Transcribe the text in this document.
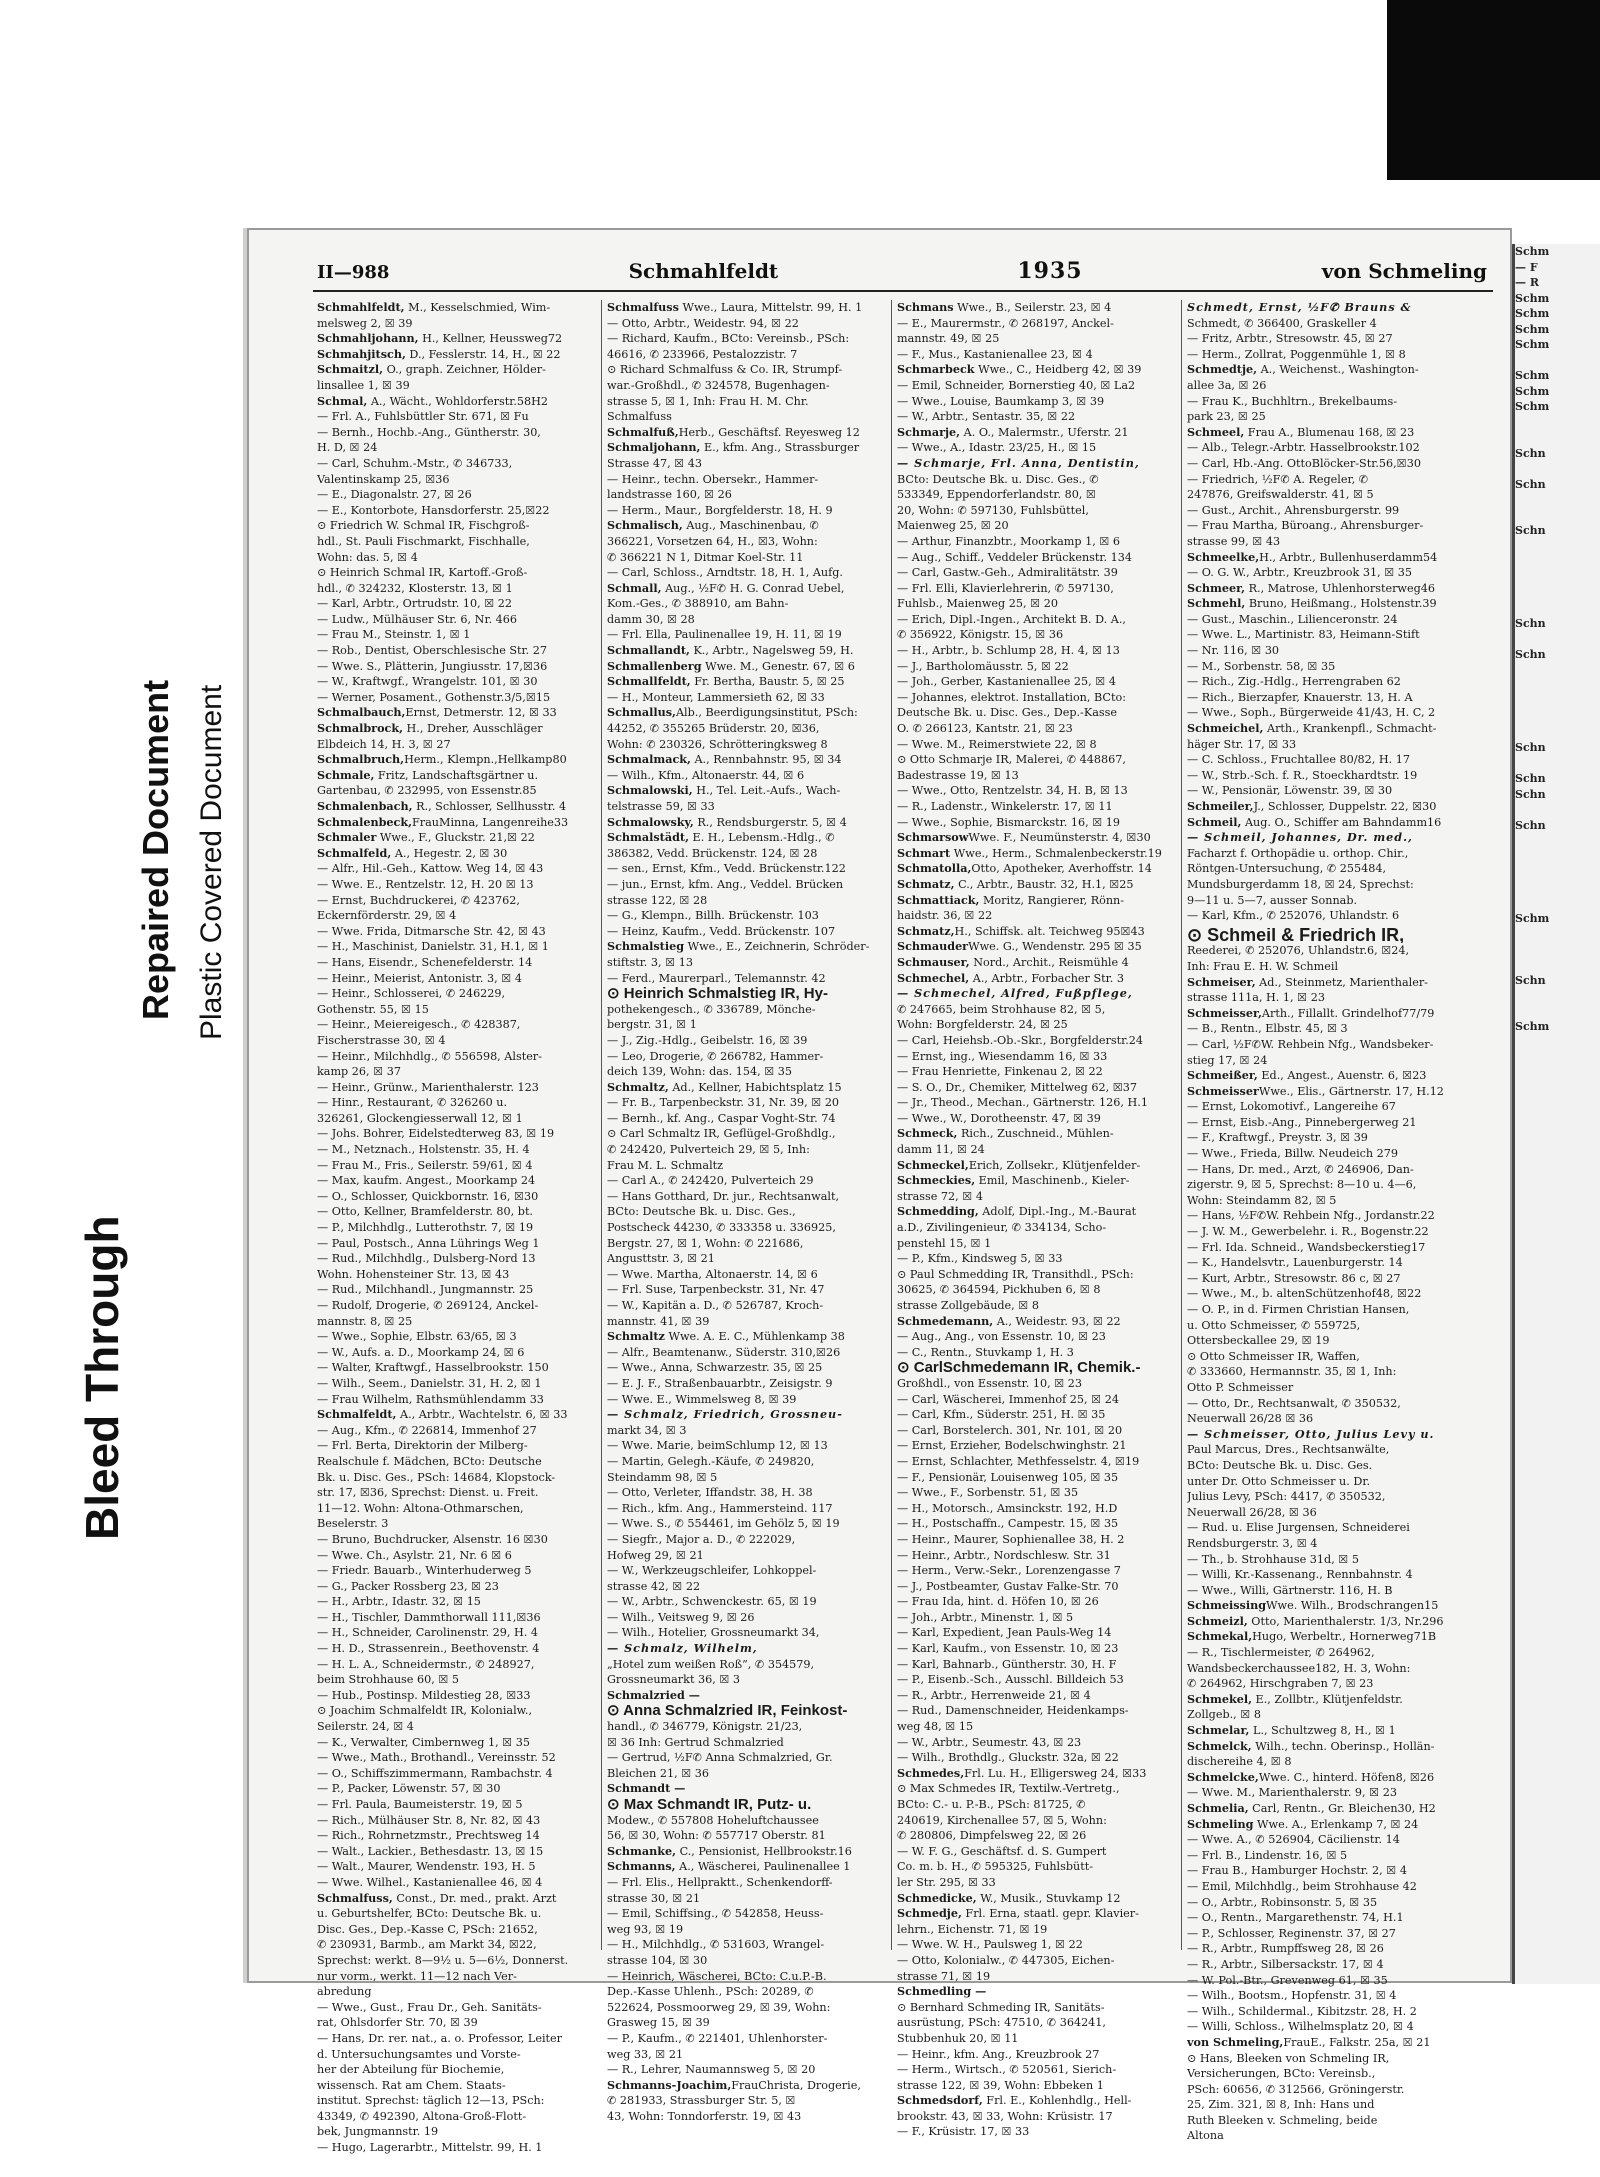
Bleed Through
Repaired Document Plastic Covered Document
II—988	Schmahlfeldt	1935	von Schmeling
Schmahlfeldt, M., Kesselschmied, Wim-
melsweg 2, ☒ 39
Schmahljohann, H., Kellner, Heussweg72
Schmahjitsch, D., Fesslerstr. 14, H., ☒ 22
Schmaitzl, O., graph. Zeichner, Hölder-
linsallee 1, ☒ 39
Schmal, A., Wächt., Wohldorferstr.58H2
— Frl. A., Fuhlsbüttler Str. 671, ☒ Fu
— Bernh., Hochb.-Ang., Güntherstr. 30,
H. D, ☒ 24
— Carl, Schuhm.-Mstr., ✆ 346733,
Valentinskamp 25, ☒36
— E., Diagonalstr. 27, ☒ 26
— E., Kontorbote, Hansdorferstr. 25,☒22
⊙ Friedrich W. Schmal IR, Fischgroß-
hdl., St. Pauli Fischmarkt, Fischhalle,
Wohn: das. 5, ☒ 4
⊙ Heinrich Schmal IR, Kartoff.-Groß-
hdl., ✆ 324232, Klosterstr. 13, ☒ 1
— Karl, Arbtr., Ortrudstr. 10, ☒ 22
— Ludw., Mülhäuser Str. 6, Nr. 466
— Frau M., Steinstr. 1, ☒ 1
— Rob., Dentist, Oberschlesische Str. 27
— Wwe. S., Plätterin, Jungiusstr. 17,☒36
— W., Kraftwgf., Wrangelstr. 101, ☒ 30
— Werner, Posament., Gothenstr.3/5,☒15
Schmalbauch,Ernst, Detmerstr. 12, ☒ 33
Schmalbrock, H., Dreher, Ausschläger
Elbdeich 14, H. 3, ☒ 27
Schmalbruch,Herm., Klempn.,Hellkamp80
Schmale, Fritz, Landschaftsgärtner u.
Gartenbau, ✆ 232995, von Essenstr.85
Schmalenbach, R., Schlosser, Sellhusstr. 4
Schmalenbeck,FrauMinna, Langenreihe33
Schmaler Wwe., F., Gluckstr. 21,☒ 22
Schmalfeld, A., Hegestr. 2, ☒ 30
— Alfr., Hil.-Geh., Kattow. Weg 14, ☒ 43
— Wwe. E., Rentzelstr. 12, H. 20 ☒ 13
— Ernst, Buchdruckerei, ✆ 423762,
Eckernförderstr. 29, ☒ 4
— Wwe. Frida, Ditmarsche Str. 42, ☒ 43
— H., Maschinist, Danielstr. 31, H.1, ☒ 1
— Hans, Eisendr., Schenefelderstr. 14
— Heinr., Meierist, Antonistr. 3, ☒ 4
— Heinr., Schlosserei, ✆ 246229,
Gothenstr. 55, ☒ 15
— Heinr., Meiereigesch., ✆ 428387,
Fischerstrasse 30, ☒ 4
— Heinr., Milchhdlg., ✆ 556598, Alster-
kamp 26, ☒ 37
— Heinr., Grünw., Marienthalerstr. 123
— Hinr., Restaurant, ✆ 326260 u.
326261, Glockengiesserwall 12, ☒ 1
— Johs. Bohrer, Eidelstedterweg 83, ☒ 19
— M., Netznach., Holstenstr. 35, H. 4
— Frau M., Fris., Seilerstr. 59/61, ☒ 4
— Max, kaufm. Angest., Moorkamp 24
— O., Schlosser, Quickbornstr. 16, ☒30
— Otto, Kellner, Bramfelderstr. 80, bt.
— P., Milchhdlg., Lutterothstr. 7, ☒ 19
— Paul, Postsch., Anna Lührings Weg 1
— Rud., Milchhdlg., Dulsberg-Nord 13
Wohn. Hohensteiner Str. 13, ☒ 43
— Rud., Milchhandl., Jungmannstr. 25
— Rudolf, Drogerie, ✆ 269124, Anckel-
mannstr. 8, ☒ 25
— Wwe., Sophie, Elbstr. 63/65, ☒ 3
— W., Aufs. a. D., Moorkamp 24, ☒ 6
— Walter, Kraftwgf., Hasselbrookstr. 150
— Wilh., Seem., Danielstr. 31, H. 2, ☒ 1
— Frau Wilhelm, Rathsmühlendamm 33
Schmalfeldt, A., Arbtr., Wachtelstr. 6, ☒ 33
— Aug., Kfm., ✆ 226814, Immenhof 27
— Frl. Berta, Direktorin der Milberg-
Realschule f. Mädchen, BCto: Deutsche
Bk. u. Disc. Ges., PSch: 14684, Klopstock-
str. 17, ☒36, Sprechst: Dienst. u. Freit.
11—12. Wohn: Altona-Othmarschen,
Beselerstr. 3
— Bruno, Buchdrucker, Alsenstr. 16 ☒30
— Wwe. Ch., Asylstr. 21, Nr. 6 ☒ 6
— Friedr. Bauarb., Winterhuderweg 5
— G., Packer Rossberg 23, ☒ 23
— H., Arbtr., Idastr. 32, ☒ 15
— H., Tischler, Dammthorwall 111,☒36
— H., Schneider, Carolinenstr. 29, H. 4
— H. D., Strassenrein., Beethovenstr. 4
— H. L. A., Schneidermstr., ✆ 248927,
beim Strohhause 60, ☒ 5
— Hub., Postinsp. Mildestieg 28, ☒33
⊙ Joachim Schmalfeldt IR, Kolonialw.,
Seilerstr. 24, ☒ 4
— K., Verwalter, Cimbernweg 1, ☒ 35
— Wwe., Math., Brothandl., Vereinsstr. 52
— O., Schiffszimmermann, Rambachstr. 4
— P., Packer, Löwenstr. 57, ☒ 30
— Frl. Paula, Baumeisterstr. 19, ☒ 5
— Rich., Mülhäuser Str. 8, Nr. 82, ☒ 43
— Rich., Rohrnetzmstr., Prechtsweg 14
— Walt., Lackier., Bethesdastr. 13, ☒ 15
— Walt., Maurer, Wendenstr. 193, H. 5
— Wwe. Wilhel., Kastanienallee 46, ☒ 4
Schmalfuss, Const., Dr. med., prakt. Arzt
u. Geburtshelfer, BCto: Deutsche Bk. u.
Disc. Ges., Dep.-Kasse C, PSch: 21652,
✆ 230931, Barmb., am Markt 34, ☒22,
Sprechst: werkt. 8—9½ u. 5—6½, Donnerst.
nur vorm., werkt. 11—12 nach Ver-
abredung
— Wwe., Gust., Frau Dr., Geh. Sanitäts-
rat, Ohlsdorfer Str. 70, ☒ 39
— Hans, Dr. rer. nat., a. o. Professor, Leiter
d. Untersuchungsamtes und Vorste-
her der Abteilung für Biochemie,
wissensch. Rat am Chem. Staats-
institut. Sprechst: täglich 12—13, PSch:
43349, ✆ 492390, Altona-Groß-Flott-
bek, Jungmannstr. 19
— Hugo, Lagerarbtr., Mittelstr. 99, H. 1
Schmalfuss Wwe., Laura, Mittelstr. 99, H. 1
— Otto, Arbtr., Weidestr. 94, ☒ 22
— Richard, Kaufm., BCto: Vereinsb., PSch:
46616, ✆ 233966, Pestalozzistr. 7
⊙ Richard Schmalfuss & Co. IR, Strumpf-
war.-Großhdl., ✆ 324578, Bugenhagen-
strasse 5, ☒ 1, Inh: Frau H. M. Chr.
Schmalfuss
Schmalfuß,Herb., Geschäftsf. Reyesweg 12
Schmaljohann, E., kfm. Ang., Strassburger
Strasse 47, ☒ 43
— Heinr., techn. Obersekr., Hammer-
landstrasse 160, ☒ 26
— Herm., Maur., Borgfelderstr. 18, H. 9
Schmalisch, Aug., Maschinenbau, ✆
366221, Vorsetzen 64, H., ☒3, Wohn:
✆ 366221 N 1, Ditmar Koel-Str. 11
— Carl, Schloss., Arndtstr. 18, H. 1, Aufg.
Schmall, Aug., ½F✆ H. G. Conrad Uebel,
Kom.-Ges., ✆ 388910, am Bahn-
damm 30, ☒ 28
— Frl. Ella, Paulinenallee 19, H. 11, ☒ 19
Schmallandt, K., Arbtr., Nagelsweg 59, H.
Schmallenberg Wwe. M., Genestr. 67, ☒ 6
Schmallfeldt, Fr. Bertha, Baustr. 5, ☒ 25
— H., Monteur, Lammersieth 62, ☒ 33
Schmallus,Alb., Beerdigungsinstitut, PSch:
44252, ✆ 355265 Brüderstr. 20, ☒36,
Wohn: ✆ 230326, Schrötteringksweg 8
Schmalmack, A., Rennbahnstr. 95, ☒ 34
— Wilh., Kfm., Altonaerstr. 44, ☒ 6
Schmalowski, H., Tel. Leit.-Aufs., Wach-
telstrasse 59, ☒ 33
Schmalowsky, R., Rendsburgerstr. 5, ☒ 4
Schmalstädt, E. H., Lebensm.-Hdlg., ✆
386382, Vedd. Brückenstr. 124, ☒ 28
— sen., Ernst, Kfm., Vedd. Brückenstr.122
— jun., Ernst, kfm. Ang., Veddel. Brücken
strasse 122, ☒ 28
— G., Klempn., Billh. Brückenstr. 103
— Heinz, Kaufm., Vedd. Brückenstr. 107
Schmalstieg Wwe., E., Zeichnerin, Schröder-
stiftstr. 3, ☒ 13
— Ferd., Maurerparl., Telemannstr. 42
⊙ Heinrich Schmalstieg IR, Hy-
pothekengesch., ✆ 336789, Mönche-
bergstr. 31, ☒ 1
— J., Zig.-Hdlg., Geibelstr. 16, ☒ 39
— Leo, Drogerie, ✆ 266782, Hammer-
deich 139, Wohn: das. 154, ☒ 35
Schmaltz, Ad., Kellner, Habichtsplatz 15
— Fr. B., Tarpenbeckstr. 31, Nr. 39, ☒ 20
— Bernh., kf. Ang., Caspar Voght-Str. 74
⊙ Carl Schmaltz IR, Geflügel-Großhdlg.,
✆ 242420, Pulverteich 29, ☒ 5, Inh:
Frau M. L. Schmaltz
— Carl A., ✆ 242420, Pulverteich 29
— Hans Gotthard, Dr. jur., Rechtsanwalt,
BCto: Deutsche Bk. u. Disc. Ges.,
Postscheck 44230, ✆ 333358 u. 336925,
Bergstr. 27, ☒ 1, Wohn: ✆ 221686,
Angusttstr. 3, ☒ 21
— Wwe. Martha, Altonaerstr. 14, ☒ 6
— Frl. Suse, Tarpenbeckstr. 31, Nr. 47
— W., Kapitän a. D., ✆ 526787, Kroch-
mannstr. 41, ☒ 39
Schmaltz Wwe. A. E. C., Mühlenkamp 38
— Alfr., Beamtenanw., Süderstr. 310,☒26
— Wwe., Anna, Schwarzestr. 35, ☒ 25
— E. J. F., Straßenbauarbtr., Zeisigstr. 9
— Wwe. E., Wimmelsweg 8, ☒ 39
— Schmalz, Friedrich, Grossneu-
markt 34, ☒ 3
— Wwe. Marie, beimSchlump 12, ☒ 13
— Martin, Gelegh.-Käufe, ✆ 249820,
Steindamm 98, ☒ 5
— Otto, Verleter, Iffandstr. 38, H. 38
— Rich., kfm. Ang., Hammersteind. 117
— Wwe. S., ✆ 554461, im Gehölz 5, ☒ 19
— Siegfr., Major a. D., ✆ 222029,
Hofweg 29, ☒ 21
— W., Werkzeugschleifer, Lohkoppel-
strasse 42, ☒ 22
— W., Arbtr., Schwenckestr. 65, ☒ 19
— Wilh., Veitsweg 9, ☒ 26
— Wilh., Hotelier, Grossneumarkt 34,
— Schmalz, Wilhelm,
„Hotel zum weißen Roß”, ✆ 354579,
Grossneumarkt 36, ☒ 3
Schmalzried —
⊙ Anna Schmalzried IR, Feinkost-
handl., ✆ 346779, Königstr. 21/23,
☒ 36 Inh: Gertrud Schmalzried
— Gertrud, ½F✆ Anna Schmalzried, Gr.
Bleichen 21, ☒ 36
Schmandt —
⊙ Max Schmandt IR, Putz- u.
Modew., ✆ 557808 Hoheluftchaussee
56, ☒ 30, Wohn: ✆ 557717 Oberstr. 81
Schmanke, C., Pensionist, Hellbrookstr.16
Schmanns, A., Wäscherei, Paulinenallee 1
— Frl. Elis., Hellpraktt., Schenkendorff-
strasse 30, ☒ 21
— Emil, Schiffsing., ✆ 542858, Heuss-
weg 93, ☒ 19
— H., Milchhdlg., ✆ 531603, Wrangel-
strasse 104, ☒ 30
— Heinrich, Wäscherei, BCto: C.u.P.-B.
Dep.-Kasse Uhlenh., PSch: 20289, ✆
522624, Possmoorweg 29, ☒ 39, Wohn:
Grasweg 15, ☒ 39
— P., Kaufm., ✆ 221401, Uhlenhorster-
weg 33, ☒ 21
— R., Lehrer, Naumannsweg 5, ☒ 20
Schmanns-Joachim,FrauChrista, Drogerie,
✆ 281933, Strassburger Str. 5, ☒
43, Wohn: Tonndorferstr. 19, ☒ 43
Schmans Wwe., B., Seilerstr. 23, ☒ 4
— E., Maurermstr., ✆ 268197, Anckel-
mannstr. 49, ☒ 25
— F., Mus., Kastanienallee 23, ☒ 4
Schmarbeck Wwe., C., Heidberg 42, ☒ 39
— Emil, Schneider, Bornerstieg 40, ☒ La2
— Wwe., Louise, Baumkamp 3, ☒ 39
— W., Arbtr., Sentastr. 35, ☒ 22
Schmarje, A. O., Malermstr., Uferstr. 21
— Wwe., A., Idastr. 23/25, H., ☒ 15
— Schmarje, Frl. Anna, Dentistin,
BCto: Deutsche Bk. u. Disc. Ges., ✆
533349, Eppendorferlandstr. 80, ☒
20, Wohn: ✆ 597130, Fuhlsbüttel,
Maienweg 25, ☒ 20
— Arthur, Finanzbtr., Moorkamp 1, ☒ 6
— Aug., Schiff., Veddeler Brückenstr. 134
— Carl, Gastw.-Geh., Admiralitätstr. 39
— Frl. Elli, Klavierlehrerin, ✆ 597130,
Fuhlsb., Maienweg 25, ☒ 20
— Erich, Dipl.-Ingen., Architekt B. D. A.,
✆ 356922, Königstr. 15, ☒ 36
— H., Arbtr., b. Schlump 28, H. 4, ☒ 13
— J., Bartholomäusstr. 5, ☒ 22
— Joh., Gerber, Kastanienallee 25, ☒ 4
— Johannes, elektrot. Installation, BCto:
Deutsche Bk. u. Disc. Ges., Dep.-Kasse
O. ✆ 266123, Kantstr. 21, ☒ 23
— Wwe. M., Reimerstwiete 22, ☒ 8
⊙ Otto Schmarje IR, Malerei, ✆ 448867,
Badestrasse 19, ☒ 13
— Wwe., Otto, Rentzelstr. 34, H. B, ☒ 13
— R., Ladenstr., Winkelerstr. 17, ☒ 11
— Wwe., Sophie, Bismarckstr. 16, ☒ 19
SchmarsowWwe. F., Neumünsterstr. 4, ☒30
Schmart Wwe., Herm., Schmalenbeckerstr.19
Schmatolla,Otto, Apotheker, Averhoffstr. 14
Schmatz, C., Arbtr., Baustr. 32, H.1, ☒25
Schmattiack, Moritz, Rangierer, Rönn-
haidstr. 36, ☒ 22
Schmatz,H., Schiffsk. alt. Teichweg 95☒43
SchmauderWwe. G., Wendenstr. 295 ☒ 35
Schmauser, Nord., Archit., Reismühle 4
Schmechel, A., Arbtr., Forbacher Str. 3
— Schmechel, Alfred, Fußpflege,
✆ 247665, beim Strohhause 82, ☒ 5,
Wohn: Borgfelderstr. 24, ☒ 25
— Carl, Heiehsb.-Ob.-Skr., Borgfelderstr.24
— Ernst, ing., Wiesendamm 16, ☒ 33
— Frau Henriette, Finkenau 2, ☒ 22
— S. O., Dr., Chemiker, Mittelweg 62, ☒37
— Jr., Theod., Mechan., Gärtnerstr. 126, H.1
— Wwe., W., Dorotheenstr. 47, ☒ 39
Schmeck, Rich., Zuschneid., Mühlen-
damm 11, ☒ 24
Schmeckel,Erich, Zollsekr., Klütjenfelder-
Schmeckies, Emil, Maschinenb., Kieler-
strasse 72, ☒ 4
Schmedding, Adolf, Dipl.-Ing., M.-Baurat
a.D., Zivilingenieur, ✆ 334134, Scho-
penstehl 15, ☒ 1
— P., Kfm., Kindsweg 5, ☒ 33
⊙ Paul Schmedding IR, Transithdl., PSch:
30625, ✆ 364594, Pickhuben 6, ☒ 8
strasse Zollgebäude, ☒ 8
Schmedemann, A., Weidestr. 93, ☒ 22
— Aug., Ang., von Essenstr. 10, ☒ 23
— C., Rentn., Stuvkamp 1, H. 3
⊙ CarlSchmedemann IR, Chemik.-
Großhdl., von Essenstr. 10, ☒ 23
— Carl, Wäscherei, Immenhof 25, ☒ 24
— Carl, Kfm., Süderstr. 251, H. ☒ 35
— Carl, Borstelerch. 301, Nr. 101, ☒ 20
— Ernst, Erzieher, Bodelschwinghstr. 21
— Ernst, Schlachter, Methfesselstr. 4, ☒19
— F., Pensionär, Louisenweg 105, ☒ 35
— Wwe., F., Sorbenstr. 51, ☒ 35
— H., Motorsch., Amsinckstr. 192, H.D
— H., Postschaffn., Campestr. 15, ☒ 35
— Heinr., Maurer, Sophienallee 38, H. 2
— Heinr., Arbtr., Nordschlesw. Str. 31
— Herm., Verw.-Sekr., Lorenzengasse 7
— J., Postbeamter, Gustav Falke-Str. 70
— Frau Ida, hint. d. Höfen 10, ☒ 26
— Joh., Arbtr., Minenstr. 1, ☒ 5
— Karl, Expedient, Jean Pauls-Weg 14
— Karl, Kaufm., von Essenstr. 10, ☒ 23
— Karl, Bahnarb., Güntherstr. 30, H. F
— P., Eisenb.-Sch., Ausschl. Billdeich 53
— R., Arbtr., Herrenweide 21, ☒ 4
— Rud., Damenschneider, Heidenkamps-
weg 48, ☒ 15
— W., Arbtr., Seumestr. 43, ☒ 23
— Wilh., Brothdlg., Gluckstr. 32a, ☒ 22
Schmedes,Frl. Lu. H., Elligersweg 24, ☒33
⊙ Max Schmedes IR, Textilw.-Vertretg.,
BCto: C.- u. P.-B., PSch: 81725, ✆
240619, Kirchenallee 57, ☒ 5, Wohn:
✆ 280806, Dimpfelsweg 22, ☒ 26
— W. F. G., Geschäftsf. d. S. Gumpert
Co. m. b. H., ✆ 595325, Fuhlsbütt-
ler Str. 295, ☒ 33
Schmedicke, W., Musik., Stuvkamp 12
Schmedje, Frl. Erna, staatl. gepr. Klavier-
lehrn., Eichenstr. 71, ☒ 19
— Wwe. W. H., Paulsweg 1, ☒ 22
— Otto, Kolonialw., ✆ 447305, Eichen-
strasse 71, ☒ 19
Schmedling —
⊙ Bernhard Schmeding IR, Sanitäts-
ausrüstung, PSch: 47510, ✆ 364241,
Stubbenhuk 20, ☒ 11
— Heinr., kfm. Ang., Kreuzbrook 27
— Herm., Wirtsch., ✆ 520561, Sierich-
strasse 122, ☒ 39, Wohn: Ebbeken 1
Schmedsdorf, Frl. E., Kohlenhdlg., Hell-
brookstr. 43, ☒ 33, Wohn: Krüsistr. 17
— F., Krüsistr. 17, ☒ 33
Schmedt, Ernst, ½F✆ Brauns &
Schmedt, ✆ 366400, Graskeller 4
— Fritz, Arbtr., Stresowstr. 45, ☒ 27
— Herm., Zollrat, Poggenmühle 1, ☒ 8
Schmedtje, A., Weichenst., Washington-
allee 3a, ☒ 26
— Frau K., Buchhltrn., Brekelbaums-
park 23, ☒ 25
Schmeel, Frau A., Blumenau 168, ☒ 23
— Alb., Telegr.-Arbtr. Hasselbrookstr.102
— Carl, Hb.-Ang. OttoBlöcker-Str.56,☒30
— Friedrich, ½F✆ A. Regeler, ✆
247876, Greifswalderstr. 41, ☒ 5
— Gust., Archit., Ahrensburgerstr. 99
— Frau Martha, Büroang., Ahrensburger-
strasse 99, ☒ 43
Schmeelke,H., Arbtr., Bullenhuserdamm54
— O. G. W., Arbtr., Kreuzbrook 31, ☒ 35
Schmeer, R., Matrose, Uhlenhorsterweg46
Schmehl, Bruno, Heißmang., Holstenstr.39
— Gust., Maschin., Lilienceronstr. 24
— Wwe. L., Martinistr. 83, Heimann-Stift
— Nr. 116, ☒ 30
— M., Sorbenstr. 58, ☒ 35
— Rich., Zig.-Hdlg., Herrengraben 62
— Rich., Bierzapfer, Knauerstr. 13, H. A
— Wwe., Soph., Bürgerweide 41/43, H. C, 2
Schmeichel, Arth., Krankenpfl., Schmacht-
häger Str. 17, ☒ 33
— C. Schloss., Fruchtallee 80/82, H. 17
— W., Strb.-Sch. f. R., Stoeckhardtstr. 19
— W., Pensionär, Löwenstr. 39, ☒ 30
Schmeiler,J., Schlosser, Duppelstr. 22, ☒30
Schmeil, Aug. O., Schiffer am Bahndamm16
— Schmeil, Johannes, Dr. med.,
Facharzt f. Orthopädie u. orthop. Chir.,
Röntgen-Untersuchung, ✆ 255484,
Mundsburgerdamm 18, ☒ 24, Sprechst:
9—11 u. 5—7, ausser Sonnab.
— Karl, Kfm., ✆ 252076, Uhlandstr. 6
⊙ Schmeil & Friedrich IR,
Reederei, ✆ 252076, Uhlandstr.6, ☒24,
Inh: Frau E. H. W. Schmeil
Schmeiser, Ad., Steinmetz, Marienthaler-
strasse 111a, H. 1, ☒ 23
Schmeisser,Arth., Fillallt. Grindelhof77/79
— B., Rentn., Elbstr. 45, ☒ 3
— Carl, ½F✆W. Rehbein Nfg., Wandsbeker-
stieg 17, ☒ 24
Schmeißer, Ed., Angest., Auenstr. 6, ☒23
SchmeisserWwe., Elis., Gärtnerstr. 17, H.12
— Ernst, Lokomotivf., Langereihe 67
— Ernst, Eisb.-Ang., Pinnebergerweg 21
— F., Kraftwgf., Preystr. 3, ☒ 39
— Wwe., Frieda, Billw. Neudeich 279
— Hans, Dr. med., Arzt, ✆ 246906, Dan-
zigerstr. 9, ☒ 5, Sprechst: 8—10 u. 4—6,
Wohn: Steindamm 82, ☒ 5
— Hans, ½F✆W. Rehbein Nfg., Jordanstr.22
— J. W. M., Gewerbelehr. i. R., Bogenstr.22
— Frl. Ida. Schneid., Wandsbeckerstieg17
— K., Handelsvtr., Lauenburgerstr. 14
— Kurt, Arbtr., Stresowstr. 86 c, ☒ 27
— Wwe., M., b. altenSchützenhof48, ☒22
— O. P., in d. Firmen Christian Hansen,
u. Otto Schmeisser, ✆ 559725,
Ottersbeckallee 29, ☒ 19
⊙ Otto Schmeisser IR, Waffen,
✆ 333660, Hermannstr. 35, ☒ 1, Inh:
Otto P. Schmeisser
— Otto, Dr., Rechtsanwalt, ✆ 350532,
Neuerwall 26/28 ☒ 36
— Schmeisser, Otto, Julius Levy u.
Paul Marcus, Dres., Rechtsanwälte,
BCto: Deutsche Bk. u. Disc. Ges.
unter Dr. Otto Schmeisser u. Dr.
Julius Levy, PSch: 4417, ✆ 350532,
Neuerwall 26/28, ☒ 36
— Rud. u. Elise Jurgensen, Schneiderei
Rendsburgerstr. 3, ☒ 4
— Th., b. Strohhause 31d, ☒ 5
— Willi, Kr.-Kassenang., Rennbahnstr. 4
— Wwe., Willi, Gärtnerstr. 116, H. B
SchmeissingWwe. Wilh., Brodschrangen15
Schmeizl, Otto, Marienthalerstr. 1/3, Nr.296
Schmekal,Hugo, Werbeltr., Hornerweg71B
— R., Tischlermeister, ✆ 264962,
Wandsbeckerchaussee182, H. 3, Wohn:
✆ 264962, Hirschgraben 7, ☒ 23
Schmekel, E., Zollbtr., Klütjenfeldstr.
Zollgeb., ☒ 8
Schmelar, L., Schultzweg 8, H., ☒ 1
Schmelck, Wilh., techn. Oberinsp., Hollän-
dischereihe 4, ☒ 8
Schmelcke,Wwe. C., hinterd. Höfen8, ☒26
— Wwe. M., Marienthalerstr. 9, ☒ 23
Schmelia, Carl, Rentn., Gr. Bleichen30, H2
Schmeling Wwe. A., Erlenkamp 7, ☒ 24
— Wwe. A., ✆ 526904, Cäcilienstr. 14
— Frl. B., Lindenstr. 16, ☒ 5
— Frau B., Hamburger Hochstr. 2, ☒ 4
— Emil, Milchhdlg., beim Strohhause 42
— O., Arbtr., Robinsonstr. 5, ☒ 35
— O., Rentn., Margarethenstr. 74, H.1
— P., Schlosser, Reginenstr. 37, ☒ 27
— R., Arbtr., Rumpffsweg 28, ☒ 26
— R., Arbtr., Silbersackstr. 17, ☒ 4
— W. Pol.-Btr., Grevenweg 61, ☒ 35
— Wilh., Bootsm., Hopfenstr. 31, ☒ 4
— Wilh., Schildermal., Kibitzstr. 28, H. 2
— Willi, Schloss., Wilhelmsplatz 20, ☒ 4
von Schmeling,FrauE., Falkstr. 25a, ☒ 21
⊙ Hans, Bleeken von Schmeling IR,
Versicherungen, BCto: Vereinsb.,
PSch: 60656, ✆ 312566, Gröningerstr.
25, Zim. 321, ☒ 8, Inh: Hans und
Ruth Bleeken v. Schmeling, beide
Altona
Schm
— F
— R
Schm
Schm
Schm
Schm

Schm
Schm
Schm

Schn

Schn

Schn

Schn

Schn

Schn

Schn
Schn

Schn

Schm

Schn

Schm
